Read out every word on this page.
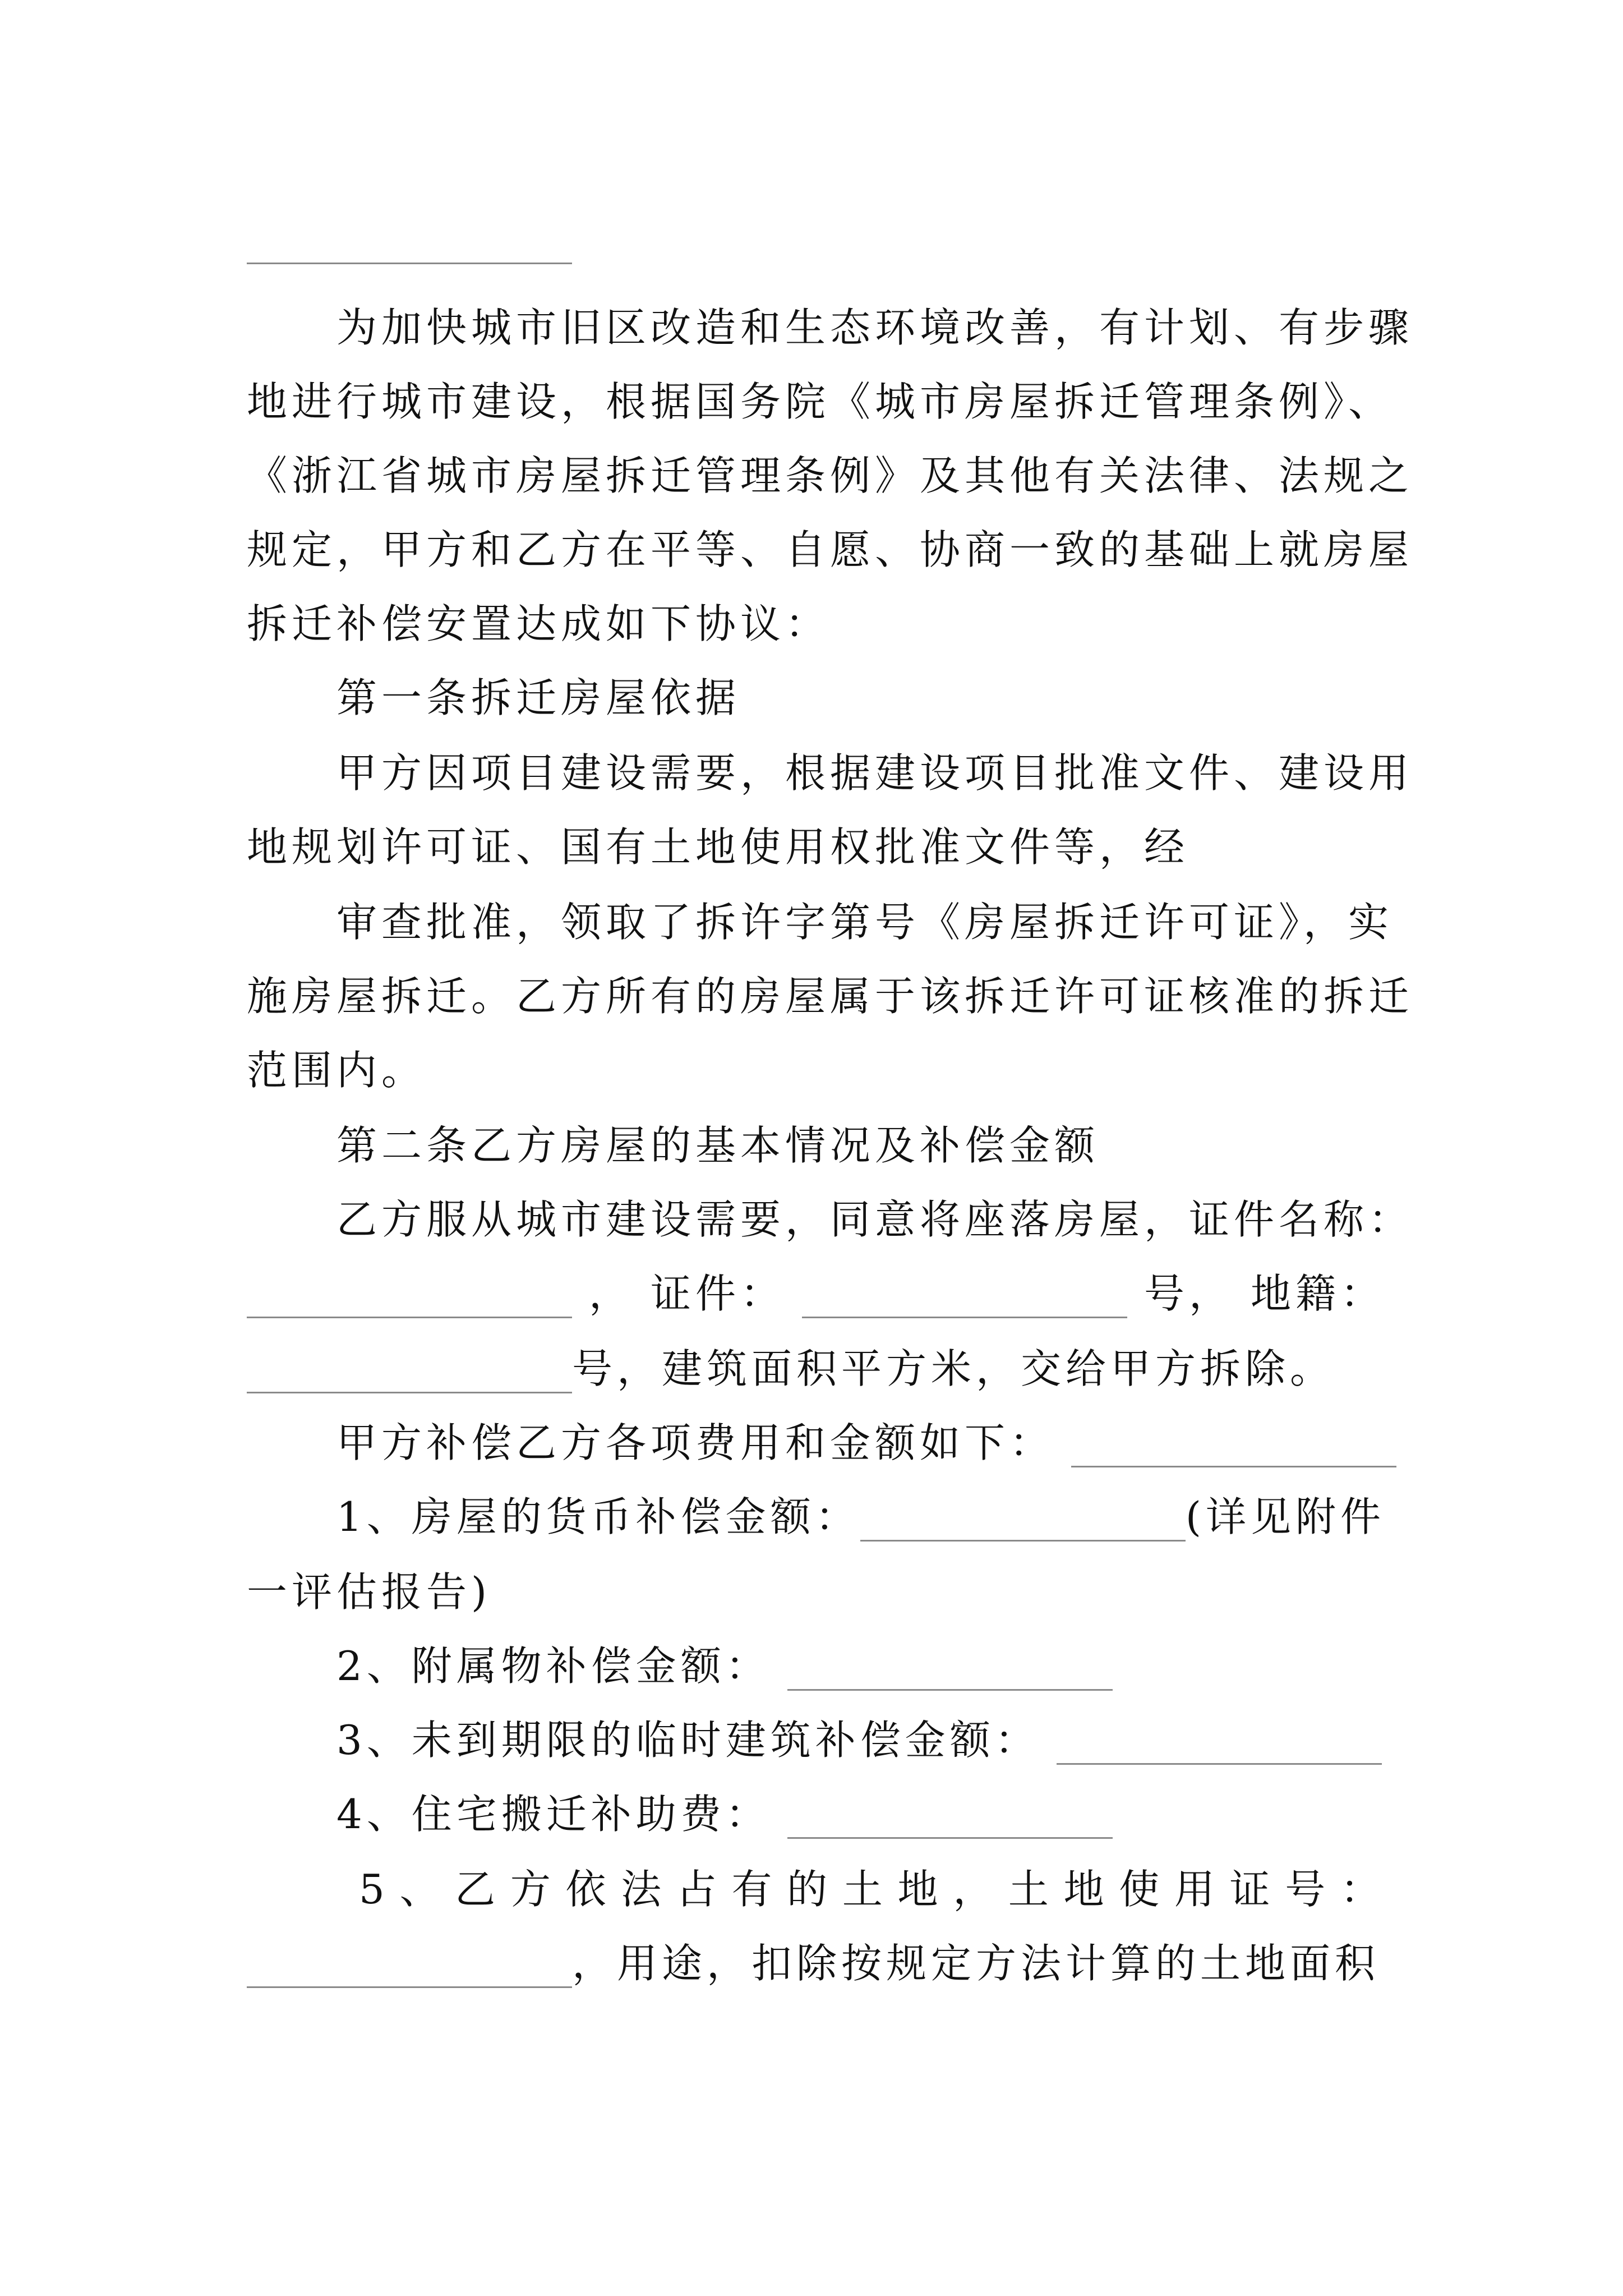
为加快城市旧区改造和生态环境改善，有计划、有步骤
地进行城市建设，根据国务院《城市房屋拆迁管理条例》、
《浙江省城市房屋拆迁管理条例》及其他有关法律、法规之
规定，甲方和乙方在平等、自愿、协商一致的基础上就房屋
拆迁补偿安置达成如下协议：
第一条拆迁房屋依据
甲方因项目建设需要，根据建设项目批准文件、建设用
地规划许可证、国有土地使用权批准文件等，经
审查批准，领取了拆许字第号《房屋拆迁许可证》，实
施房屋拆迁。乙方所有的房屋属于该拆迁许可证核准的拆迁
范围内。
第二条乙方房屋的基本情况及补偿金额
乙方服从城市建设需要，同意将座落房屋，证件名称：
， 证件：	号， 地籍：
号，建筑面积平方米，交给甲方拆除。
甲方补偿乙方各项费用和金额如下：
1、房屋的货币补偿金额：	(详见附件
一评估报告)
2、附属物补偿金额：
3、未到期限的临时建筑补偿金额：
4、住宅搬迁补助费：
5 、 乙 方 依 法 占 有 的 土 地 ， 土 地 使 用 证 号 ：
，用途，扣除按规定方法计算的土地面积
